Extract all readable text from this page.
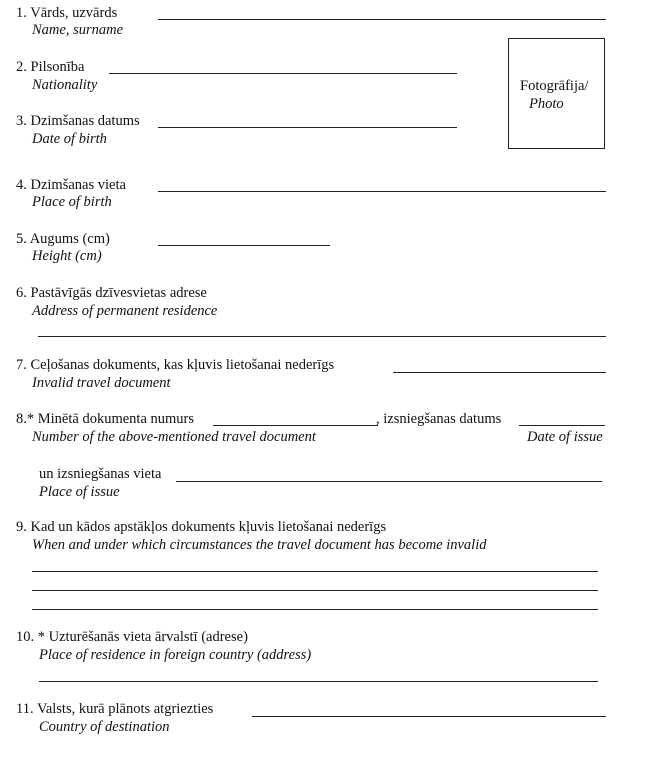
1. Vārds, uzvārds
Name, surname
Fotogrāfija/
Photo
2. Pilsonība
Nationality
3. Dzimšanas datums
Date of birth
4. Dzimšanas vieta
Place of birth
5. Augums (cm)
Height (cm)
6. Pastāvīgās dzīvesvietas adrese
Address of permanent residence
7. Ceļošanas dokuments, kas kļuvis lietošanai nederīgs
Invalid travel document
8.* Minētā dokumenta numurs	, izsniegšanas datums
Number of the above-mentioned travel document	Date of issue
un izsniegšanas vieta
Place of issue
9. Kad un kādos apstākļos dokuments kļuvis lietošanai nederīgs
When and under which circumstances the travel document has become invalid
10. * Uzturēšanās vieta ārvalstī (adrese)
Place of residence in foreign country (address)
11. Valsts, kurā plānots atgriezties
Country of destination
